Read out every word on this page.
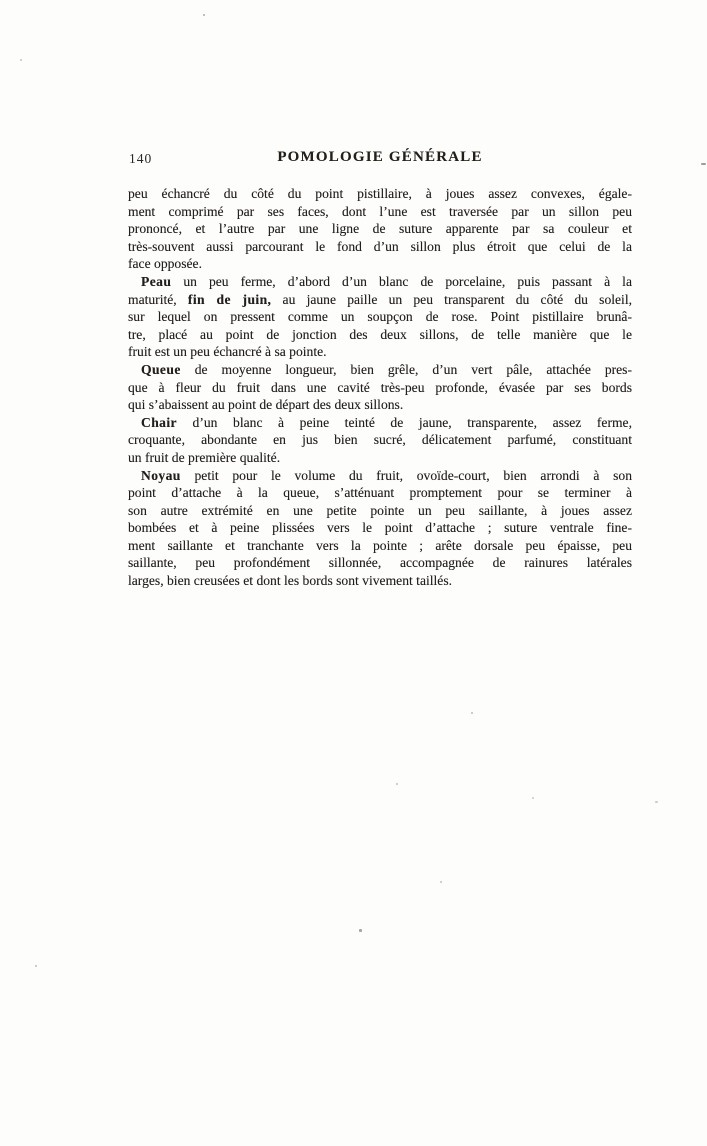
140	POMOLOGIE GÉNÉRALE
peu échancré du côté du point pistillaire, à joues assez convexes, égale-
ment comprimé par ses faces, dont l’une est traversée par un sillon peu
prononcé, et l’autre par une ligne de suture apparente par sa couleur et
très-souvent aussi parcourant le fond d’un sillon plus étroit que celui de la
face opposée.
Peau un peu ferme, d’abord d’un blanc de porcelaine, puis passant à la
maturité, fin de juin, au jaune paille un peu transparent du côté du soleil,
sur lequel on pressent comme un soupçon de rose. Point pistillaire brunâ-
tre, placé au point de jonction des deux sillons, de telle manière que le
fruit est un peu échancré à sa pointe.
Queue de moyenne longueur, bien grêle, d’un vert pâle, attachée pres-
que à fleur du fruit dans une cavité très-peu profonde, évasée par ses bords
qui s’abaissent au point de départ des deux sillons.
Chair d’un blanc à peine teinté de jaune, transparente, assez ferme,
croquante, abondante en jus bien sucré, délicatement parfumé, constituant
un fruit de première qualité.
Noyau petit pour le volume du fruit, ovoïde-court, bien arrondi à son
point d’attache à la queue, s’atténuant promptement pour se terminer à
son autre extrémité en une petite pointe un peu saillante, à joues assez
bombées et à peine plissées vers le point d’attache ; suture ventrale fine-
ment saillante et tranchante vers la pointe ; arête dorsale peu épaisse, peu
saillante, peu profondément sillonnée, accompagnée de rainures latérales
larges, bien creusées et dont les bords sont vivement taillés.
